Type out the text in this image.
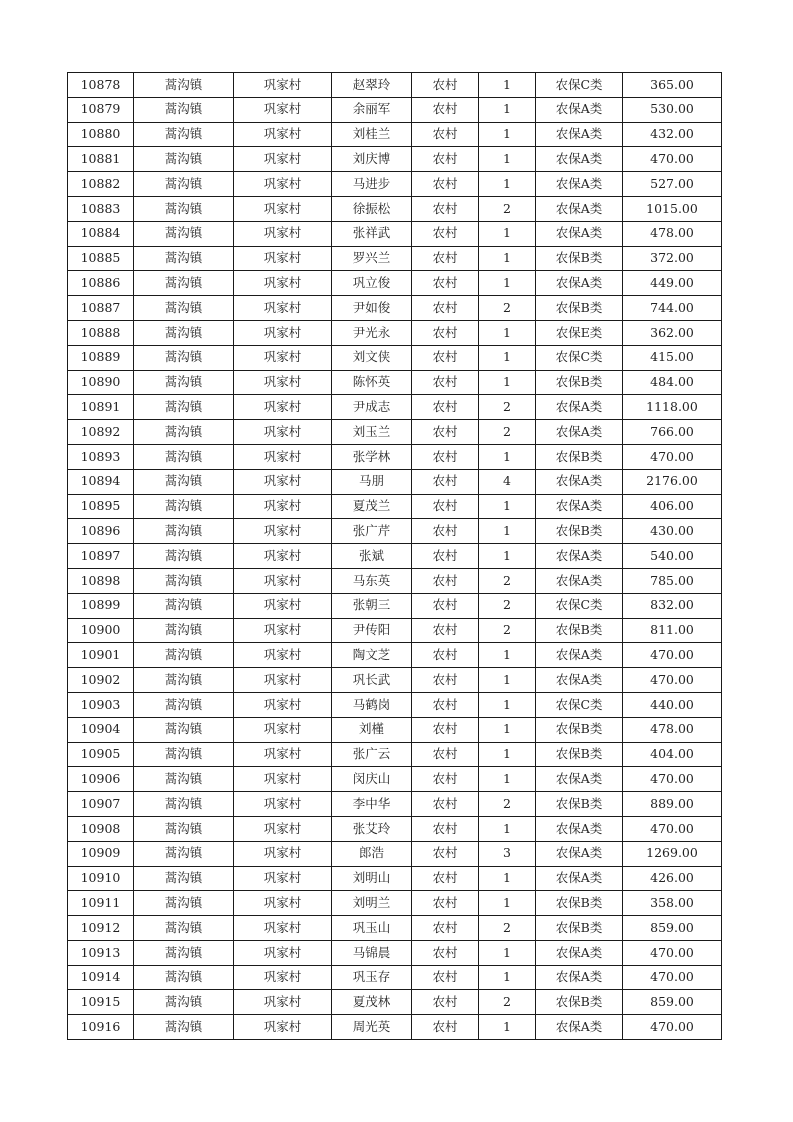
10878	蒿沟镇	巩家村	赵翠玲	农村	1	农保C类	365.00
10879	蒿沟镇	巩家村	余丽军	农村	1	农保A类	530.00
10880	蒿沟镇	巩家村	刘桂兰	农村	1	农保A类	432.00
10881	蒿沟镇	巩家村	刘庆博	农村	1	农保A类	470.00
10882	蒿沟镇	巩家村	马进步	农村	1	农保A类	527.00
10883	蒿沟镇	巩家村	徐振松	农村	2	农保A类	1015.00
10884	蒿沟镇	巩家村	张祥武	农村	1	农保A类	478.00
10885	蒿沟镇	巩家村	罗兴兰	农村	1	农保B类	372.00
10886	蒿沟镇	巩家村	巩立俊	农村	1	农保A类	449.00
10887	蒿沟镇	巩家村	尹如俊	农村	2	农保B类	744.00
10888	蒿沟镇	巩家村	尹光永	农村	1	农保E类	362.00
10889	蒿沟镇	巩家村	刘文侠	农村	1	农保C类	415.00
10890	蒿沟镇	巩家村	陈怀英	农村	1	农保B类	484.00
10891	蒿沟镇	巩家村	尹成志	农村	2	农保A类	1118.00
10892	蒿沟镇	巩家村	刘玉兰	农村	2	农保A类	766.00
10893	蒿沟镇	巩家村	张学林	农村	1	农保B类	470.00
10894	蒿沟镇	巩家村	马朋	农村	4	农保A类	2176.00
10895	蒿沟镇	巩家村	夏茂兰	农村	1	农保A类	406.00
10896	蒿沟镇	巩家村	张广芹	农村	1	农保B类	430.00
10897	蒿沟镇	巩家村	张斌	农村	1	农保A类	540.00
10898	蒿沟镇	巩家村	马东英	农村	2	农保A类	785.00
10899	蒿沟镇	巩家村	张朝三	农村	2	农保C类	832.00
10900	蒿沟镇	巩家村	尹传阳	农村	2	农保B类	811.00
10901	蒿沟镇	巩家村	陶文芝	农村	1	农保A类	470.00
10902	蒿沟镇	巩家村	巩长武	农村	1	农保A类	470.00
10903	蒿沟镇	巩家村	马鹤岗	农村	1	农保C类	440.00
10904	蒿沟镇	巩家村	刘槿	农村	1	农保B类	478.00
10905	蒿沟镇	巩家村	张广云	农村	1	农保B类	404.00
10906	蒿沟镇	巩家村	闵庆山	农村	1	农保A类	470.00
10907	蒿沟镇	巩家村	李中华	农村	2	农保B类	889.00
10908	蒿沟镇	巩家村	张艾玲	农村	1	农保A类	470.00
10909	蒿沟镇	巩家村	郎浩	农村	3	农保A类	1269.00
10910	蒿沟镇	巩家村	刘明山	农村	1	农保A类	426.00
10911	蒿沟镇	巩家村	刘明兰	农村	1	农保B类	358.00
10912	蒿沟镇	巩家村	巩玉山	农村	2	农保B类	859.00
10913	蒿沟镇	巩家村	马锦晨	农村	1	农保A类	470.00
10914	蒿沟镇	巩家村	巩玉存	农村	1	农保A类	470.00
10915	蒿沟镇	巩家村	夏茂林	农村	2	农保B类	859.00
10916	蒿沟镇	巩家村	周光英	农村	1	农保A类	470.00
